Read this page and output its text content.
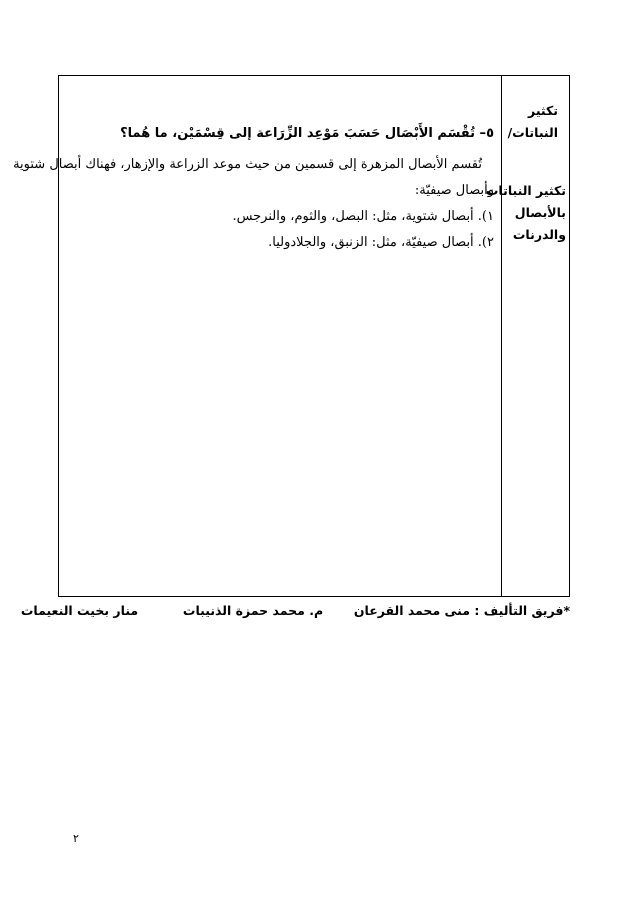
تكثير
النباتات/
تكثير النباتات
بالأبصال
والدرنات
٥– تُقْسَم الأَبْصَال حَسَبَ مَوْعِد الزِّرَاعة إلى قِسْمَيْن، ما هُما؟
تُقسم الأبصال المزهرة إلى قسمين من حيث موعد الزراعة والإزهار، فهناك أبصال شتوية
وأبصال صيفيّة:
١). أبصال شتوية، مثل: البصل، والثوم، والنرجس.
٢). أبصال صيفيّة، مثل: الزنبق، والجلادوليا.
*فريق التأليف : منى محمد القرعان  م. محمد حمزة الذنيبات  منار بخيت النعيمات
٢
